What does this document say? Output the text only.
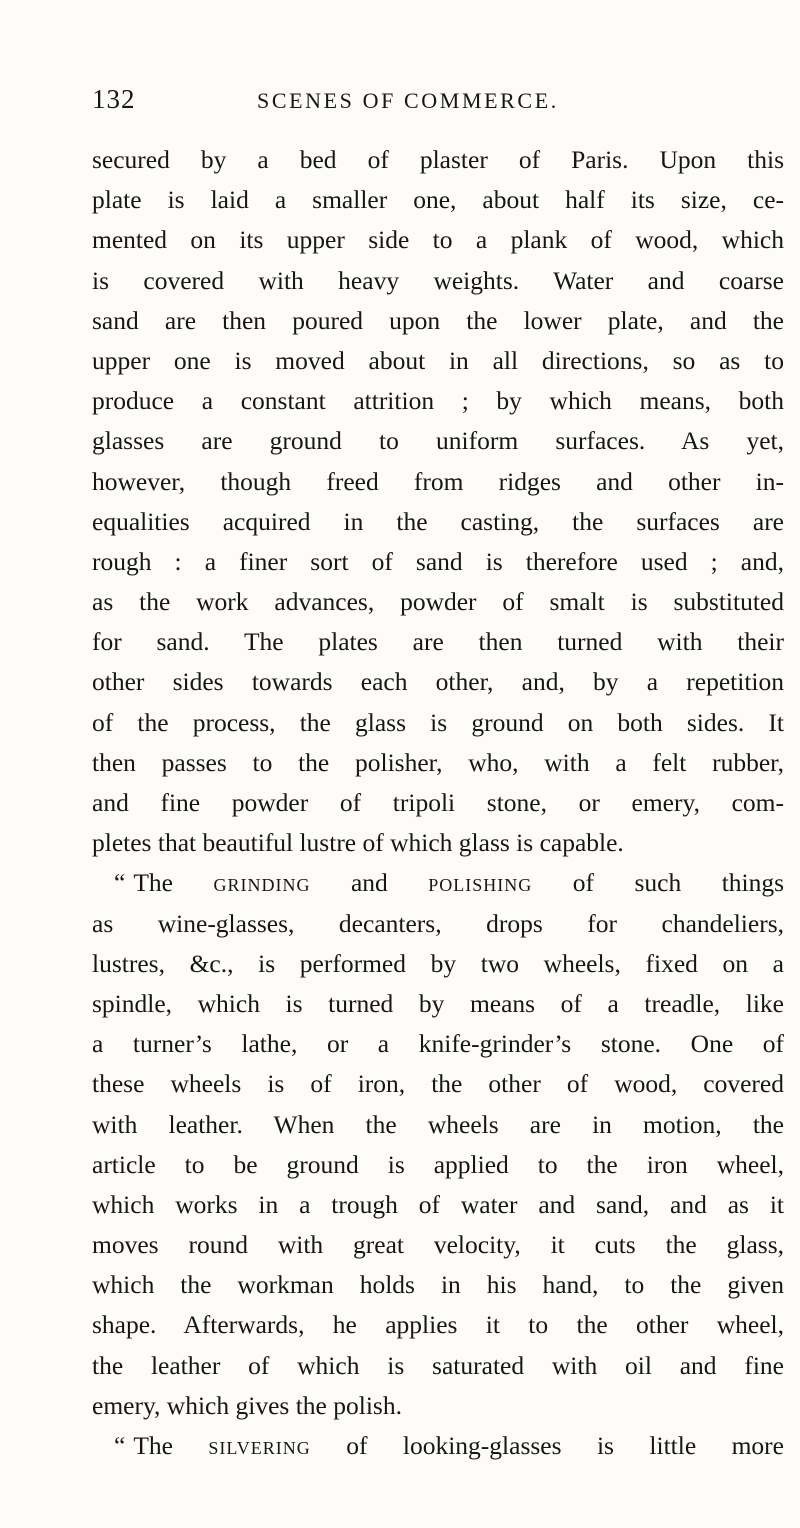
132	SCENES OF COMMERCE.
secured by a bed of plaster of Paris. Upon this
plate is laid a smaller one, about half its size, ce-
mented on its upper side to a plank of wood, which
is covered with heavy weights. Water and coarse
sand are then poured upon the lower plate, and the
upper one is moved about in all directions, so as to
produce a constant attrition ; by which means, both
glasses are ground to uniform surfaces. As yet,
however, though freed from ridges and other in-
equalities acquired in the casting, the surfaces are
rough : a finer sort of sand is therefore used ; and,
as the work advances, powder of smalt is substituted
for sand. The plates are then turned with their
other sides towards each other, and, by a repetition
of the process, the glass is ground on both sides. It
then passes to the polisher, who, with a felt rubber,
and fine powder of tripoli stone, or emery, com-
pletes that beautiful lustre of which glass is capable.
“ The grinding and polishing of such things
as wine-glasses, decanters, drops for chandeliers,
lustres, &c., is performed by two wheels, fixed on a
spindle, which is turned by means of a treadle, like
a turner’s lathe, or a knife-grinder’s stone. One of
these wheels is of iron, the other of wood, covered
with leather. When the wheels are in motion, the
article to be ground is applied to the iron wheel,
which works in a trough of water and sand, and as it
moves round with great velocity, it cuts the glass,
which the workman holds in his hand, to the given
shape. Afterwards, he applies it to the other wheel,
the leather of which is saturated with oil and fine
emery, which gives the polish.
“ The silvering of looking-glasses is little more
